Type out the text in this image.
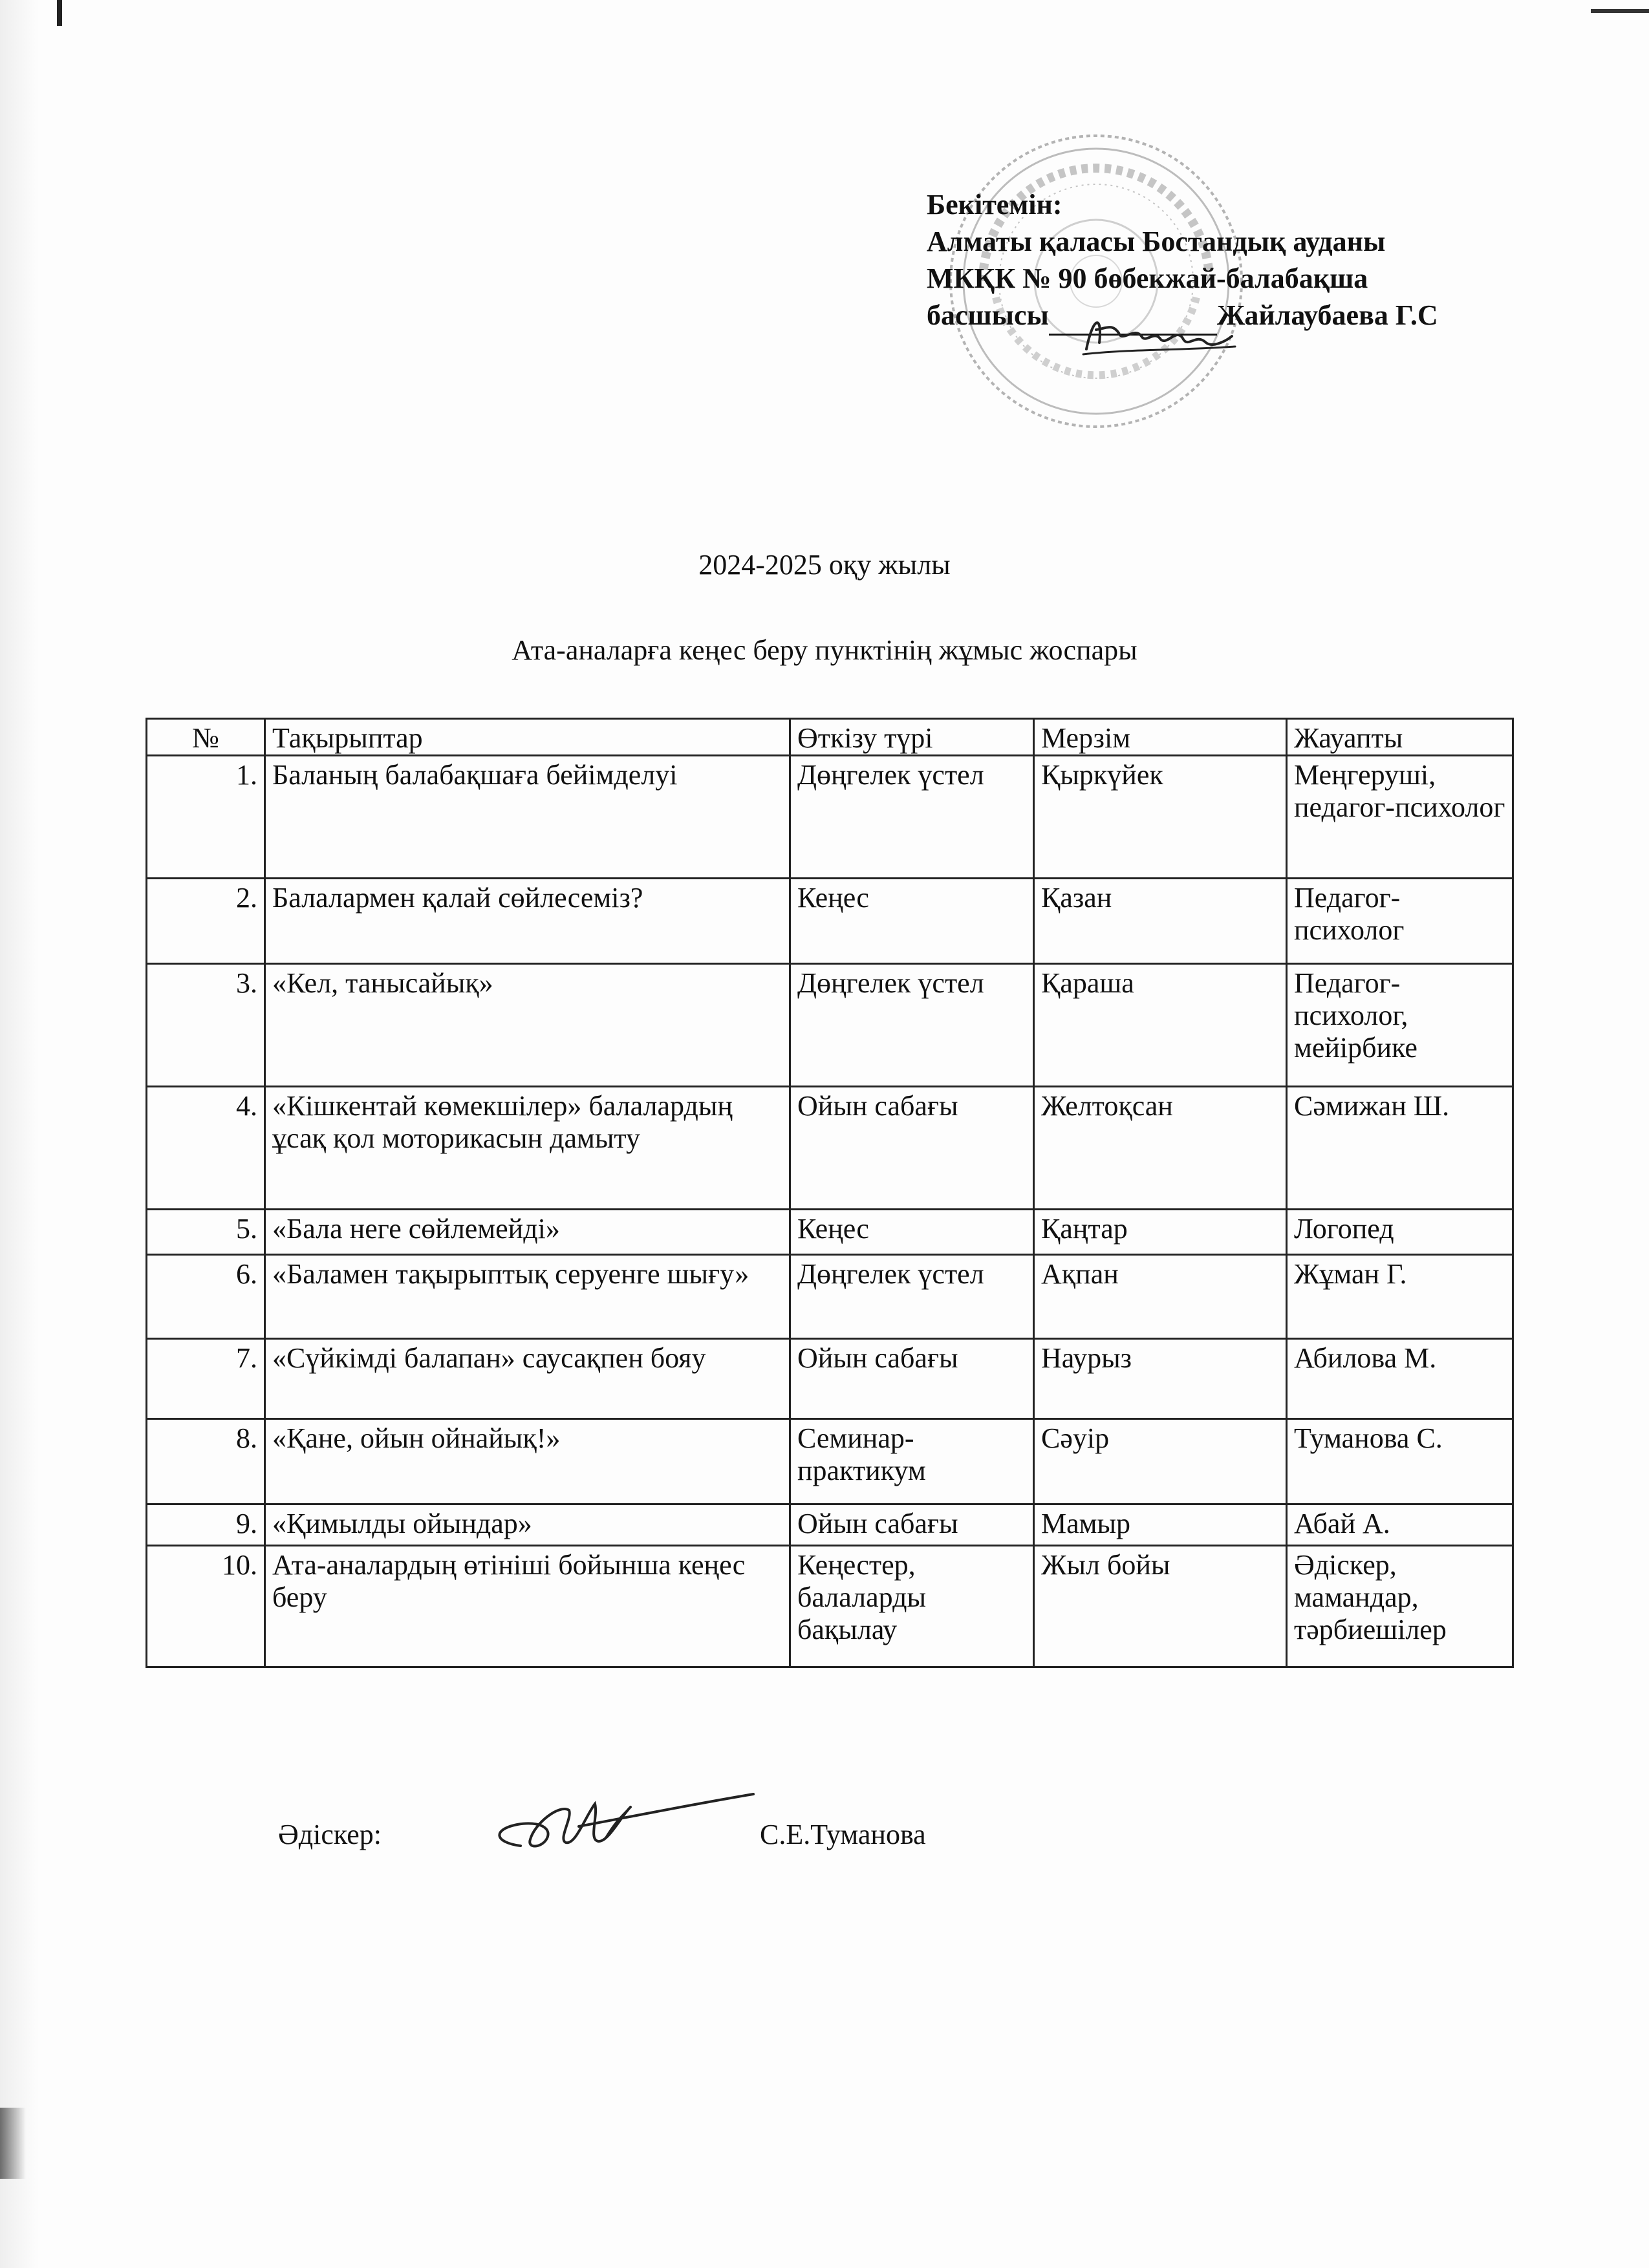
Бекітемін:
Алматы қаласы Бостандық ауданы
МКҚК № 90 бөбекжай-балабақша
басшысы	Жайлаубаева Г.С
2024-2025 оқу жылы
Ата-аналарға кеңес беру пунктінің жұмыс жоспары
№	Тақырыптар	Өткізу түрі	Мерзім	Жауапты
1.	Баланың балабақшаға бейімделуі	Дөңгелек үстел	Қыркүйек	Меңгеруші, педагог-психолог
2.	Балалармен қалай сөйлесеміз?	Кеңес	Қазан	Педагог-психолог
3.	«Кел, танысайық»	Дөңгелек үстел	Қараша	Педагог-психолог, мейірбике
4.	«Кішкентай көмекшілер» балалардың ұсақ қол моторикасын дамыту	Ойын сабағы	Желтоқсан	Сәмижан Ш.
5.	«Бала неге сөйлемейді»	Кеңес	Қаңтар	Логопед
6.	«Баламен тақырыптық серуенге шығу»	Дөңгелек үстел	Ақпан	Жұман Г.
7.	«Сүйкімді балапан» саусақпен бояу	Ойын сабағы	Наурыз	Абилова М.
8.	«Қане, ойын ойнайық!»	Семинар-практикум	Сәуір	Туманова С.
9.	«Қимылды ойындар»	Ойын сабағы	Мамыр	Абай А.
10.	Ата-аналардың өтініші бойынша кеңес беру	Кеңестер, балаларды бақылау	Жыл бойы	Әдіскер, мамандар, тәрбиешілер
Әдіскер:	С.Е.Туманова
